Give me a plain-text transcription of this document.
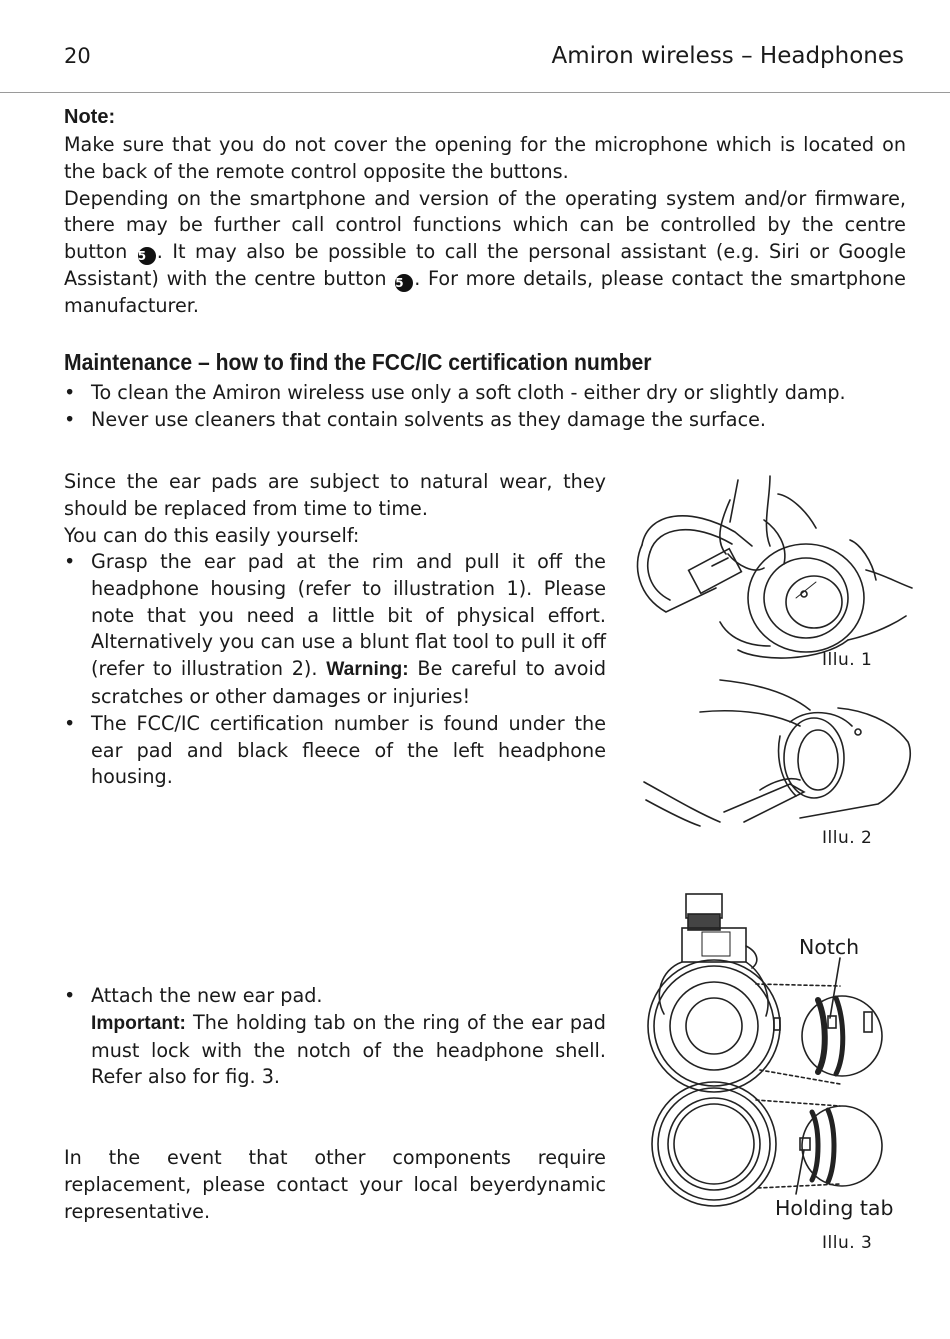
20	Amiron wireless – Headphones
Note:
Make sure that you do not cover the opening for the microphone which is located on the back of the remote control opposite the buttons.
Depending on the smartphone and version of the operating system and/or firmware, there may be further call control functions which can be controlled by the centre button 5 . It may also be possible to call the personal assistant (e.g. Siri or Google Assistant) with the centre button 5 . For more details, please contact the smartphone manufacturer.
Maintenance – how to find the FCC/IC certification number
• To clean the Amiron wireless use only a soft cloth - either dry or slightly damp.
• Never use cleaners that contain solvents as they damage the surface.
Since the ear pads are subject to natural wear, they should be replaced from time to time.
You can do this easily yourself:
• Grasp the ear pad at the rim and pull it off the headphone housing (refer to illustration 1). Please note that you need a little bit of physical effort. Alternatively you can use a blunt flat tool to pull it off (refer to illustration 2). Warning: Be careful to avoid scratches or other damages or injuries!
• The FCC/IC certification number is found under the ear pad and black fleece of the left headphone housing.
• Attach the new ear pad.
Important: The holding tab on the ring of the ear pad must lock with the notch of the headphone shell. Refer also for fig. 3.
In the event that other components require replacement, please contact your local beyerdynamic representative.
Illu. 1
Illu. 2
Notch
Holding tab
Illu. 3
